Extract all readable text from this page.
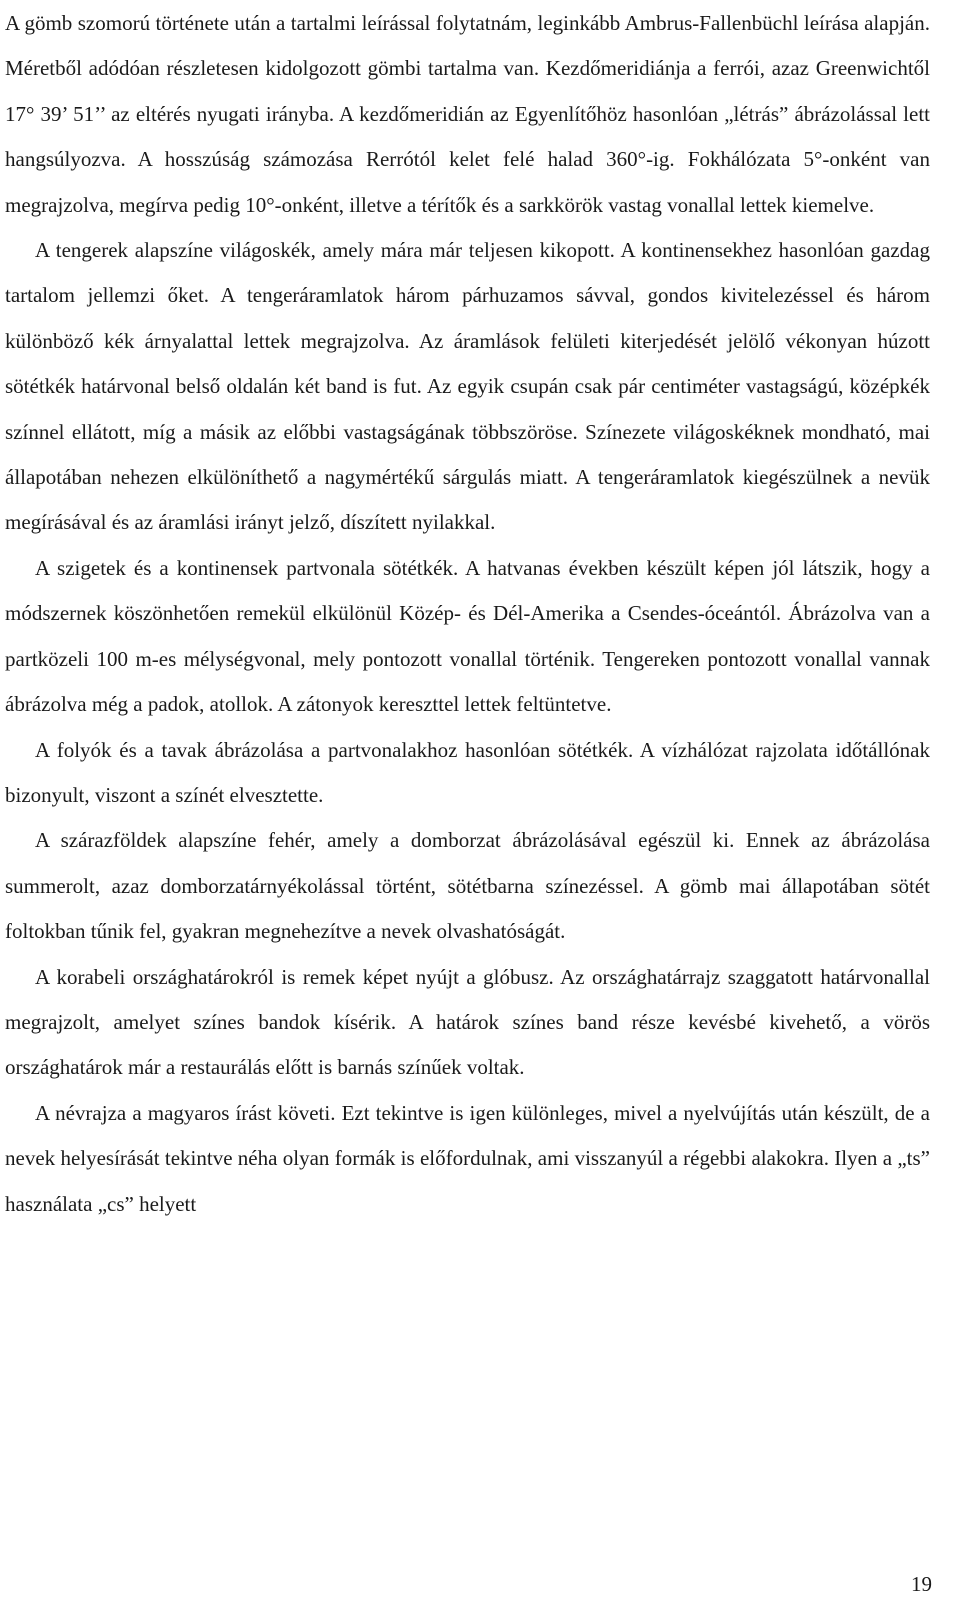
A gömb szomorú története után a tartalmi leírással folytatnám, leginkább Ambrus-Fallenbüchl leírása alapján. Méretből adódóan részletesen kidolgozott gömbi tartalma van. Kezdőmeridiánja a ferrói, azaz Greenwichtől 17° 39’ 51’’ az eltérés nyugati irányba. A kezdőmeridián az Egyenlítőhöz hasonlóan „létrás” ábrázolással lett hangsúlyozva. A hosszúság számozása Rerrótól kelet felé halad 360°-ig. Fokhálózata 5°-onként van megrajzolva, megírva pedig 10°-onként, illetve a térítők és a sarkkörök vastag vonallal lettek kiemelve.

A tengerek alapszíne világoskék, amely mára már teljesen kikopott. A kontinensekhez hasonlóan gazdag tartalom jellemzi őket. A tengeráramlatok három párhuzamos sávval, gondos kivitelezéssel és három különböző kék árnyalattal lettek megrajzolva. Az áramlások felületi kiterjedését jelölő vékonyan húzott sötétkék határvonal belső oldalán két band is fut. Az egyik csupán csak pár centiméter vastagságú, középkék színnel ellátott, míg a másik az előbbi vastagságának többszöröse. Színezete világoskéknek mondható, mai állapotában nehezen elkülöníthető a nagymértékű sárgulás miatt. A tengeráramlatok kiegészülnek a nevük megírásával és az áramlási irányt jelző, díszített nyilakkal.

A szigetek és a kontinensek partvonala sötétkék. A hatvanas években készült képen jól látszik, hogy a módszernek köszönhetően remekül elkülönül Közép- és Dél-Amerika a Csendes-óceántól. Ábrázolva van a partközeli 100 m-es mélységvonal, mely pontozott vonallal történik. Tengereken pontozott vonallal vannak ábrázolva még a padok, atollok. A zátonyok kereszttel lettek feltüntetve.

A folyók és a tavak ábrázolása a partvonalakhoz hasonlóan sötétkék. A vízhálózat rajzolata időtállónak bizonyult, viszont a színét elvesztette.

A szárazföldek alapszíne fehér, amely a domborzat ábrázolásával egészül ki. Ennek az ábrázolása summerolt, azaz domborzatárnyékolással történt, sötétbarna színezéssel. A gömb mai állapotában sötét foltokban tűnik fel, gyakran megnehezítve a nevek olvashatóságát.

A korabeli országhatárokról is remek képet nyújt a glóbusz. Az országhatárrajz szaggatott határvonallal megrajzolt, amelyet színes bandok kísérik. A határok színes band része kevésbé kivehető, a vörös országhatárok már a restaurálás előtt is barnás színűek voltak.

A névrajza a magyaros írást követi. Ezt tekintve is igen különleges, mivel a nyelvújítás után készült, de a nevek helyesírását tekintve néha olyan formák is előfordulnak, ami visszanyúl a régebbi alakokra. Ilyen a „ts” használata „cs” helyett

19
